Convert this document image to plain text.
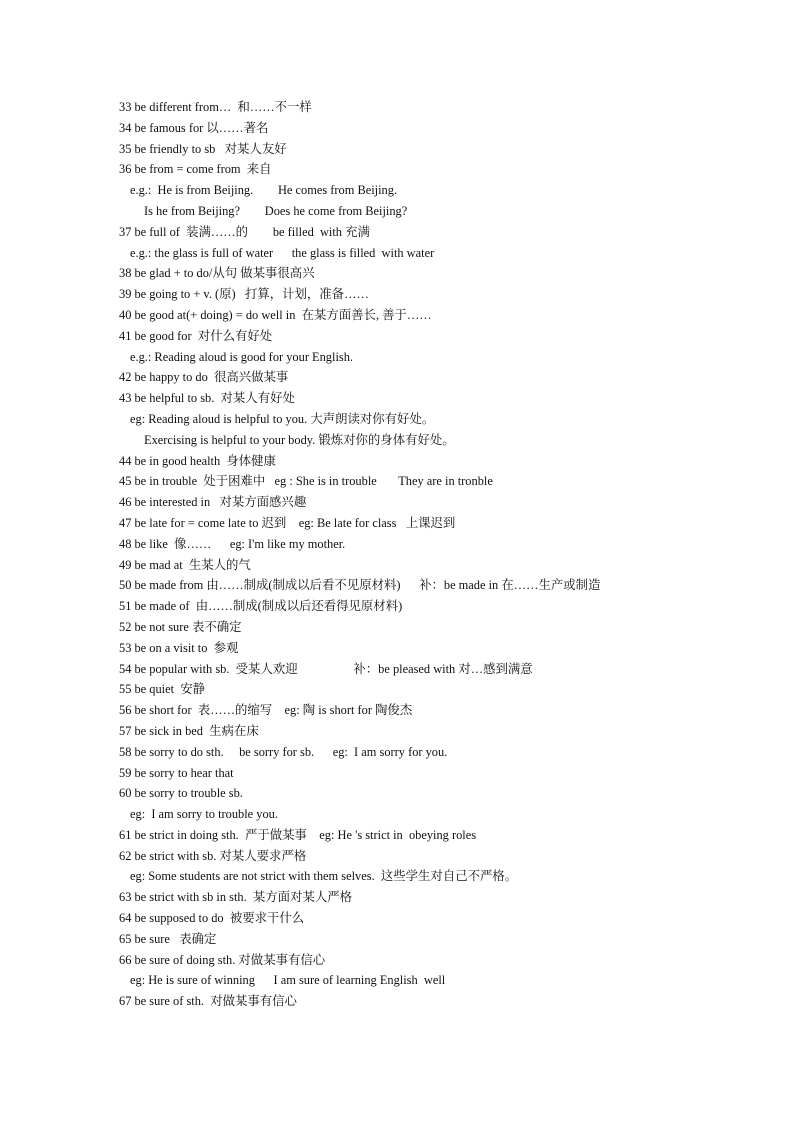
33 be different from…  和……不一样
34 be famous for 以……著名
35 be friendly to sb   对某人友好
36 be from = come from  来自
e.g.:  He is from Beijing.        He comes from Beijing.
Is he from Beijing?        Does he come from Beijing?
37 be full of  装满……的        be filled  with 充满
e.g.: the glass is full of water      the glass is filled  with water
38 be glad + to do/从句 做某事很高兴
39 be going to + v. (原)   打算，计划，准备……
40 be good at(+ doing) = do well in  在某方面善长, 善于……
41 be good for  对什么有好处
e.g.: Reading aloud is good for your English.
42 be happy to do  很高兴做某事
43 be helpful to sb.  对某人有好处
eg: Reading aloud is helpful to you. 大声朗读对你有好处。
Exercising is helpful to your body. 锻炼对你的身体有好处。
44 be in good health  身体健康
45 be in trouble  处于困难中   eg : She is in trouble       They are in tronble
46 be interested in   对某方面感兴趣
47 be late for = come late to 迟到    eg: Be late for class   上课迟到
48 be like  像……      eg: I'm like my mother.
49 be mad at  生某人的气
50 be made from 由……制成(制成以后看不见原材料)      补：be made in 在……生产或制造
51 be made of  由……制成(制成以后还看得见原材料)
52 be not sure 表不确定
53 be on a visit to  参观
54 be popular with sb.  受某人欢迎                  补：be pleased with 对…感到满意
55 be quiet  安静
56 be short for  表……的缩写    eg: 陶 is short for 陶俊杰
57 be sick in bed  生病在床
58 be sorry to do sth.     be sorry for sb.      eg:  I am sorry for you.
59 be sorry to hear that
60 be sorry to trouble sb.
eg:  I am sorry to trouble you.
61 be strict in doing sth.  严于做某事    eg: He 's strict in  obeying roles
62 be strict with sb. 对某人要求严格
eg: Some students are not strict with them selves.  这些学生对自己不严格。
63 be strict with sb in sth.  某方面对某人严格
64 be supposed to do  被要求干什么
65 be sure   表确定
66 be sure of doing sth. 对做某事有信心
eg: He is sure of winning      I am sure of learning English  well
67 be sure of sth.  对做某事有信心
